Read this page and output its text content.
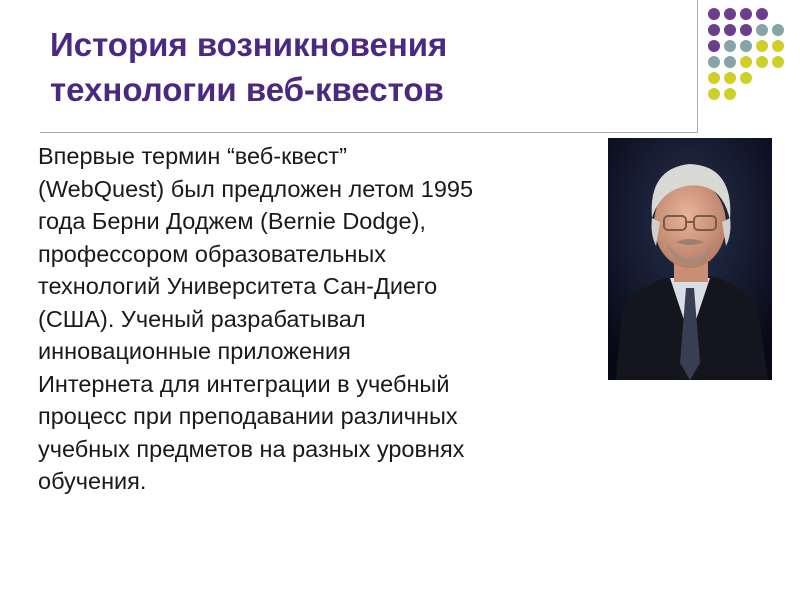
История возникновения
технологии веб-квестов
Впервые термин “веб-квест”
(WebQuest) был предложен летом 1995
года Берни Доджем (Bernie Dodge),
профессором образовательных
технологий Университета Сан-Диего
(США). Ученый разрабатывал
инновационные приложения
Интернета для интеграции в учебный
процесс при преподавании различных
учебных предметов на разных уровнях
обучения.
